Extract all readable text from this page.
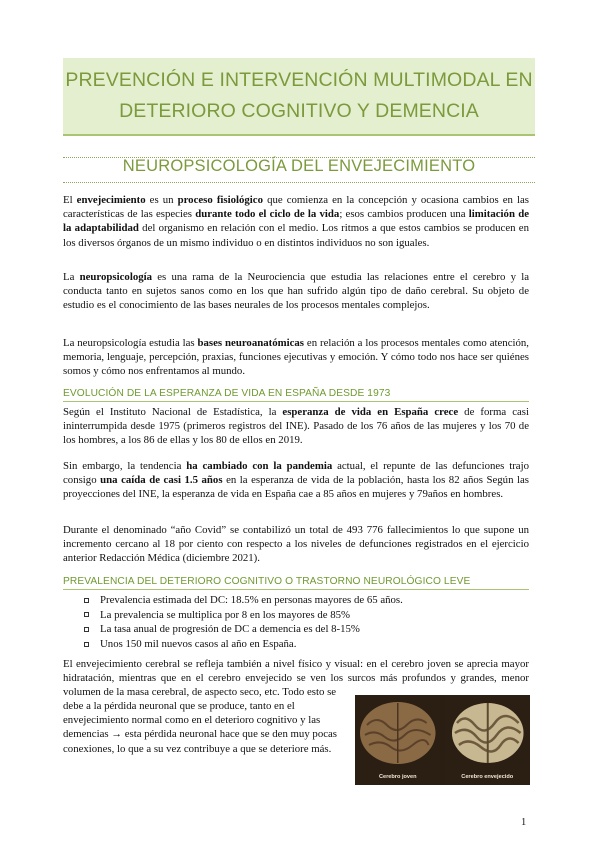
PREVENCIÓN E INTERVENCIÓN MULTIMODAL EN
DETERIORO COGNITIVO Y DEMENCIA
NEUROPSICOLOGÍA DEL ENVEJECIMIENTO

El envejecimiento es un proceso fisiológico que comienza en la concepción y ocasiona cambios en las características de las especies durante todo el ciclo de la vida; esos cambios producen una limitación de la adaptabilidad del organismo en relación con el medio. Los ritmos a que estos cambios se producen en los diversos órganos de un mismo individuo o en distintos individuos no son iguales.

La neuropsicología es una rama de la Neurociencia que estudia las relaciones entre el cerebro y la conducta tanto en sujetos sanos como en los que han sufrido algún tipo de daño cerebral. Su objeto de estudio es el conocimiento de las bases neurales de los procesos mentales complejos.

La neuropsicología estudia las bases neuroanatómicas en relación a los procesos mentales como atención, memoria, lenguaje, percepción, praxias, funciones ejecutivas y emoción. Y cómo todo nos hace ser quiénes somos y cómo nos enfrentamos al mundo.

EVOLUCIÓN DE LA ESPERANZA DE VIDA EN ESPAÑA DESDE 1973

Según el Instituto Nacional de Estadística, la esperanza de vida en España crece de forma casi ininterrumpida desde 1975 (primeros registros del INE). Pasado de los 76 años de las mujeres y los 70 de los hombres, a los 86 de ellas y los 80 de ellos en 2019.

Sin embargo, la tendencia ha cambiado con la pandemia actual, el repunte de las defunciones trajo consigo una caída de casi 1.5 años en la esperanza de vida de la población, hasta los 82 años Según las proyecciones del INE, la esperanza de vida en España cae a 85 años en mujeres y 79años en hombres.

Durante el denominado “año Covid” se contabilizó un total de 493 776 fallecimientos lo que supone un incremento cercano al 18 por ciento con respecto a los niveles de defunciones registrados en el ejercicio anterior Redacción Médica (diciembre 2021).

PREVALENCIA DEL DETERIORO COGNITIVO O TRASTORNO NEUROLÓGICO LEVE
Prevalencia estimada del DC: 18.5% en personas mayores de 65 años.
La prevalencia se multiplica por 8 en los mayores de 85%
La tasa anual de progresión de DC a demencia es del 8-15%
Unos 150 mil nuevos casos al año en España.

El envejecimiento cerebral se refleja también a nivel físico y visual: en el cerebro joven se aprecia mayor hidratación, mientras que en el cerebro envejecido se ven los surcos más profundos y grandes, menor volumen de la masa cerebral, de aspecto seco, etc. Todo esto se

debe a la pérdida neuronal que se produce, tanto en el envejecimiento normal como en el deterioro cognitivo y las demencias → esta pérdida neuronal hace que se den muy pocas conexiones, lo que a su vez contribuye a que se deteriore más.

Cerebro joven	Cerebro envejecido
1
